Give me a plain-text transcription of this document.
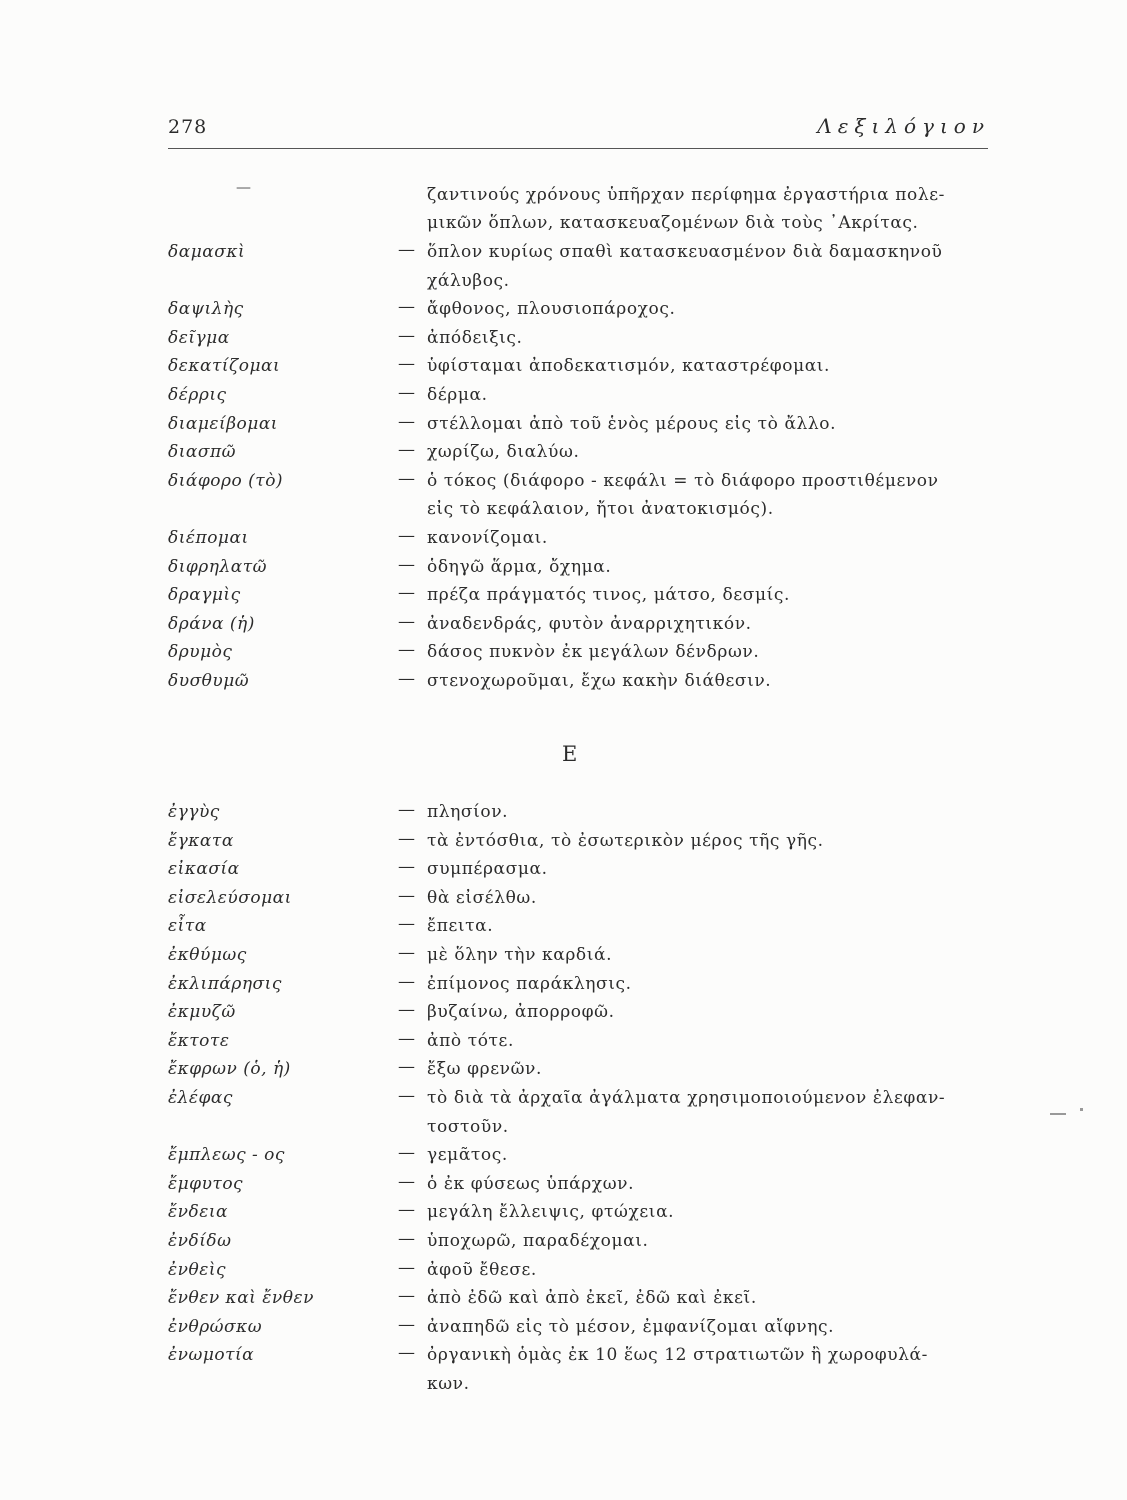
278	Λεξιλόγιον
—	ζαντινούς χρόνους ὑπῆρχαν περίφημα ἐργαστήρια πολε-
μικῶν ὅπλων, κατασκευαζομένων διὰ τοὺς ᾽Ακρίτας.
δαμασκὶ	— ὅπλον κυρίως σπαθὶ κατασκευασμένον διὰ δαμασκηνοῦ
χάλυβος.
δαψιλὴς	— ἄφθονος, πλουσιοπάροχος.
δεῖγμα	— ἀπόδειξις.
δεκατίζομαι	— ὑφίσταμαι ἀποδεκατισμόν, καταστρέφομαι.
δέρρις	— δέρμα.
διαμείβομαι	— στέλλομαι ἀπὸ τοῦ ἑνὸς μέρους εἰς τὸ ἄλλο.
διασπῶ	— χωρίζω, διαλύω.
διάφορο (τὸ)	— ὁ τόκος (διάφορο - κεφάλι = τὸ διάφορο προστιθέμενον
εἰς τὸ κεφάλαιον, ἤτοι ἀνατοκισμός).
διέπομαι	— κανονίζομαι.
διφρηλατῶ	— ὁδηγῶ ἅρμα, ὄχημα.
δραγμὶς	— πρέζα πράγματός τινος, μάτσο, δεσμίς.
δράνα (ἡ)	— ἀναδενδράς, φυτὸν ἀναρριχητικόν.
δρυμὸς	— δάσος πυκνὸν ἐκ μεγάλων δένδρων.
δυσθυμῶ	— στενοχωροῦμαι, ἔχω κακὴν διάθεσιν.
ἐγγὺς	— πλησίον.
ἔγκατα	— τὰ ἐντόσθια, τὸ ἐσωτερικὸν μέρος τῆς γῆς.
εἰκασία	— συμπέρασμα.
εἰσελεύσομαι	— θὰ εἰσέλθω.
εἶτα	— ἔπειτα.
ἐκθύμως	— μὲ ὅλην τὴν καρδιά.
ἐκλιπάρησις	— ἐπίμονος παράκλησις.
ἐκμυζῶ	— βυζαίνω, ἀπορροφῶ.
ἔκτοτε	— ἀπὸ τότε.
ἔκφρων (ὁ, ἡ)	— ἔξω φρενῶν.
ἐλέφας	— τὸ διὰ τὰ ἀρχαῖα ἀγάλματα χρησιμοποιούμενον ἐλεφαν-
τοστοῦν.
ἔμπλεως - ος	— γεμᾶτος.
ἔμφυτος	— ὁ ἐκ φύσεως ὑπάρχων.
ἔνδεια	— μεγάλη ἔλλειψις, φτώχεια.
ἐνδίδω	— ὑποχωρῶ, παραδέχομαι.
ἐνθεὶς	— ἀφοῦ ἔθεσε.
ἔνθεν καὶ ἔνθεν	— ἀπὸ ἐδῶ καὶ ἀπὸ ἐκεῖ, ἐδῶ καὶ ἐκεῖ.
ἐνθρώσκω	— ἀναπηδῶ εἰς τὸ μέσον, ἐμφανίζομαι αἴφνης.
ἐνωμοτία	— ὀργανικὴ ὁμὰς ἐκ 10 ἕως 12 στρατιωτῶν ἢ χωροφυλά-
κων.
Ε
